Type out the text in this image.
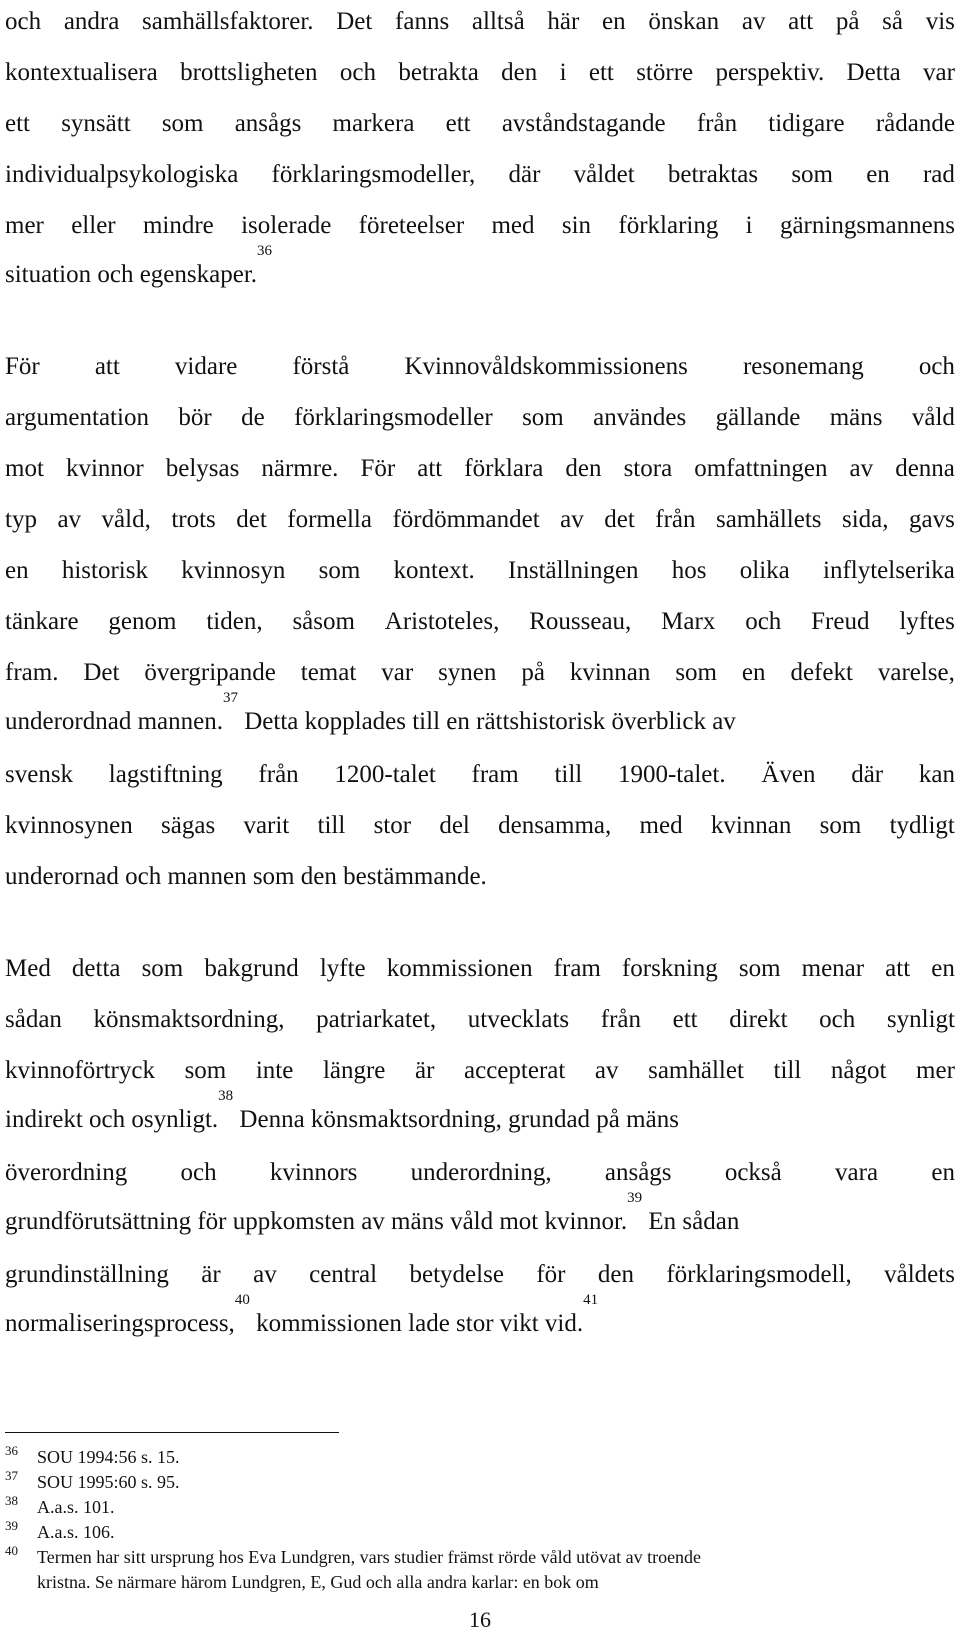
och andra samhällsfaktorer. Det fanns alltså här en önskan av att på så vis
kontextualisera brottsligheten och betrakta den i ett större perspektiv. Detta var
ett synsätt som ansågs markera ett avståndstagande från tidigare rådande
individualpsykologiska förklaringsmodeller, där våldet betraktas som en rad
mer eller mindre isolerade företeelser med sin förklaring i gärningsmannens
situation och egenskaper.$^{36}$
För att vidare förstå Kvinnovåldskommissionens resonemang och
argumentation bör de förklaringsmodeller som användes gällande mäns våld
mot kvinnor belysas närmre. För att förklara den stora omfattningen av denna
typ av våld, trots det formella fördömmandet av det från samhällets sida, gavs
en historisk kvinnosyn som kontext. Inställningen hos olika inflytelserika
tänkare genom tiden, såsom Aristoteles, Rousseau, Marx och Freud lyftes
fram. Det övergripande temat var synen på kvinnan som en defekt varelse,
underordnad mannen.$^{37}$ Detta kopplades till en rättshistorisk överblick av
svensk lagstiftning från 1200-talet fram till 1900-talet. Även där kan
kvinnosynen sägas varit till stor del densamma, med kvinnan som tydligt
underornad och mannen som den bestämmande.
Med detta som bakgrund lyfte kommissionen fram forskning som menar att en
sådan könsmaktsordning, patriarkatet, utvecklats från ett direkt och synligt
kvinnoförtryck som inte längre är accepterat av samhället till något mer
indirekt och osynligt.$^{38}$ Denna könsmaktsordning, grundad på mäns
överordning och kvinnors underordning, ansågs också vara en
grundförutsättning för uppkomsten av mäns våld mot kvinnor.$^{39}$ En sådan
grundinställning är av central betydelse för den förklaringsmodell, våldets
normaliseringsprocess,$^{40}$ kommissionen lade stor vikt vid.$^{41}$
36 SOU 1994:56 s. 15.
37 SOU 1995:60 s. 95.
38 A.a.s. 101.
39 A.a.s. 106.
40 Termen har sitt ursprung hos Eva Lundgren, vars studier främst rörde våld utövat av troende
kristna. Se närmare härom Lundgren, E, Gud och alla andra karlar: en bok om
16
